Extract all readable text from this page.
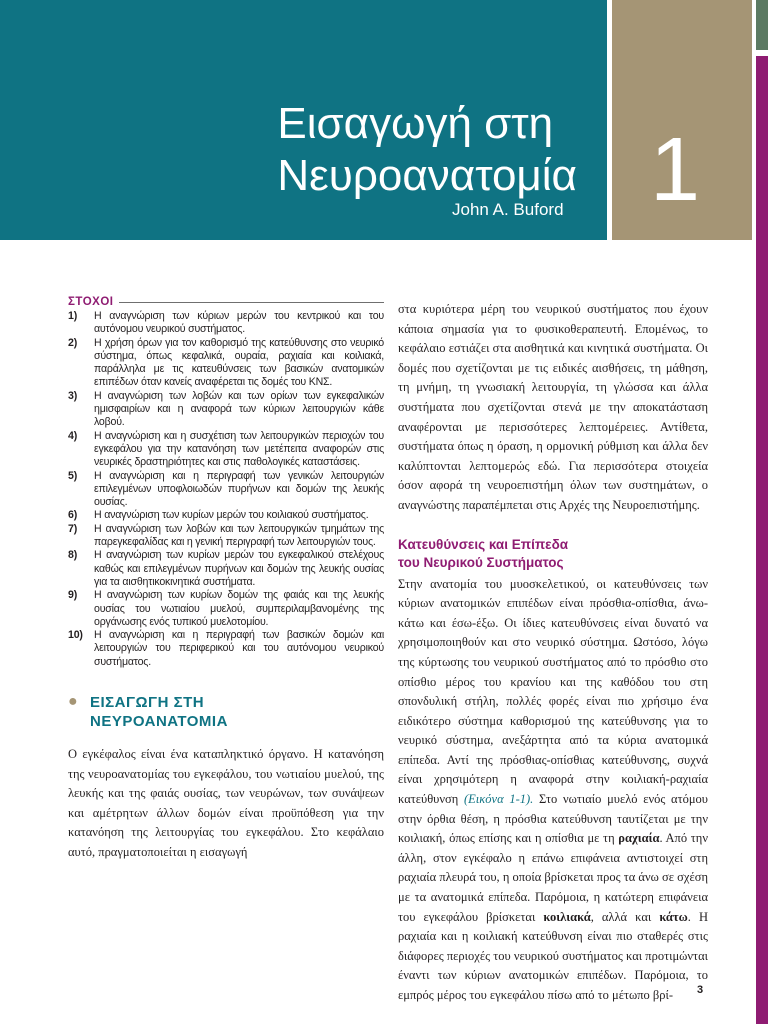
Εισαγωγή στη
Νευροανατομία
John A. Buford 1
ΣΤΟΧΟΙ
1)	Η αναγνώριση των κύριων μερών του κεντρικού και του αυτόνομου νευρικού συστήματος.
2)	Η χρήση όρων για τον καθορισμό της κατεύθυνσης στο νευρικό σύστημα, όπως κεφαλικά, ουραία, ραχιαία και κοιλιακά, παράλληλα με τις κατευθύνσεις των βασικών ανατομικών επιπέδων όταν κανείς αναφέρεται τις δομές του ΚΝΣ.
3)	Η αναγνώριση των λοβών και των ορίων των εγκεφαλικών ημισφαιρίων και η αναφορά των κύριων λειτουργιών κάθε λοβού.
4)	Η αναγνώριση και η συσχέτιση των λειτουργικών περιοχών του εγκεφάλου για την κατανόηση των μετέπειτα αναφορών στις νευρικές δραστηριότητες και στις παθολογικές καταστάσεις.
5)	Η αναγνώριση και η περιγραφή των γενικών λειτουργιών επιλεγμένων υποφλοιωδών πυρήνων και δομών της λευκής ουσίας.
6)	Η αναγνώριση των κυρίων μερών του κοιλιακού συστήματος.
7)	Η αναγνώριση των λοβών και των λειτουργικών τμημάτων της παρεγκεφαλίδας και η γενική περιγραφή των λειτουργιών τους.
8)	Η αναγνώριση των κυρίων μερών του εγκεφαλικού στελέχους καθώς και επιλεγμένων πυρήνων και δομών της λευκής ουσίας για τα αισθητικοκινητικά συστήματα.
9)	Η αναγνώριση των κυρίων δομών της φαιάς και της λευκής ουσίας του νωτιαίου μυελού, συμπεριλαμβανομένης της οργάνωσης ενός τυπικού μυελοτομίου.
10)	Η αναγνώριση και η περιγραφή των βασικών δομών και λειτουργιών του περιφερικού και του αυτόνομου νευρικού συστήματος.
● ΕΙΣΑΓΩΓΗ ΣΤΗ
ΝΕΥΡΟΑΝΑΤΟΜΙΑ

Ο εγκέφαλος είναι ένα καταπληκτικό όργανο. Η κατανόηση της νευροανατομίας του εγκεφάλου, του νωτιαίου μυελού, της λευκής και της φαιάς ουσίας, των νευρώνων, των συνάψεων και αμέτρητων άλλων δομών είναι προϋπόθεση για την κατανόηση της λειτουργίας του εγκεφάλου. Στο κεφάλαιο αυτό, πραγματοποιείται η εισαγωγή

στα κυριότερα μέρη του νευρικού συστήματος που έχουν κάποια σημασία για το φυσικοθεραπευτή. Επομένως, το κεφάλαιο εστιάζει στα αισθητικά και κινητικά συστήματα. Οι δομές που σχετίζονται με τις ειδικές αισθήσεις, τη μάθηση, τη μνήμη, τη γνωσιακή λειτουργία, τη γλώσσα και άλλα συστήματα που σχετίζονται στενά με την αποκατάσταση αναφέρονται με περισσότερες λεπτομέρειες. Αντίθετα, συστήματα όπως η όραση, η ορμονική ρύθμιση και άλλα δεν καλύπτονται λεπτομερώς εδώ. Για περισσότερα στοιχεία όσον αφορά τη νευροεπιστήμη όλων των συστημάτων, ο αναγνώστης παραπέμπεται στις Αρχές της Νευροεπιστήμης.

Κατευθύνσεις και Επίπεδα
του Νευρικού Συστήματος

Στην ανατομία του μυοσκελετικού, οι κατευθύνσεις των κύριων ανατομικών επιπέδων είναι πρόσθια-οπίσθια, άνω-κάτω και έσω-έξω. Οι ίδιες κατευθύνσεις είναι δυνατό να χρησιμοποιηθούν και στο νευρικό σύστημα. Ωστόσο, λόγω της κύρτωσης του νευρικού συστήματος από το πρόσθιο στο οπίσθιο μέρος του κρανίου και της καθόδου του στη σπονδυλική στήλη, πολλές φορές είναι πιο χρήσιμο ένα ειδικότερο σύστημα καθορισμού της κατεύθυνσης για το νευρικό σύστημα, ανεξάρτητα από τα κύρια ανατομικά επίπεδα. Αντί της πρόσθιας-οπίσθιας κατεύθυνσης, συχνά είναι χρησιμότερη η αναφορά στην κοιλιακή-ραχιαία κατεύθυνση (Εικόνα 1-1). Στο νωτιαίο μυελό ενός ατόμου στην όρθια θέση, η πρόσθια κατεύθυνση ταυτίζεται με την κοιλιακή, όπως επίσης και η οπίσθια με τη ραχιαία. Από την άλλη, στον εγκέφαλο η επάνω επιφάνεια αντιστοιχεί στη ραχιαία πλευρά του, η οποία βρίσκεται προς τα άνω σε σχέση με τα ανατομικά επίπεδα. Παρόμοια, η κατώτερη επιφάνεια του εγκεφάλου βρίσκεται κοιλιακά, αλλά και κάτω. Η ραχιαία και η κοιλιακή κατεύθυνση είναι πιο σταθερές στις διάφορες περιοχές του νευρικού συστήματος και προτιμώνται έναντι των κύριων ανατομικών επιπέδων. Παρόμοια, το εμπρός μέρος του εγκεφάλου πίσω από το μέτωπο βρί-	3
